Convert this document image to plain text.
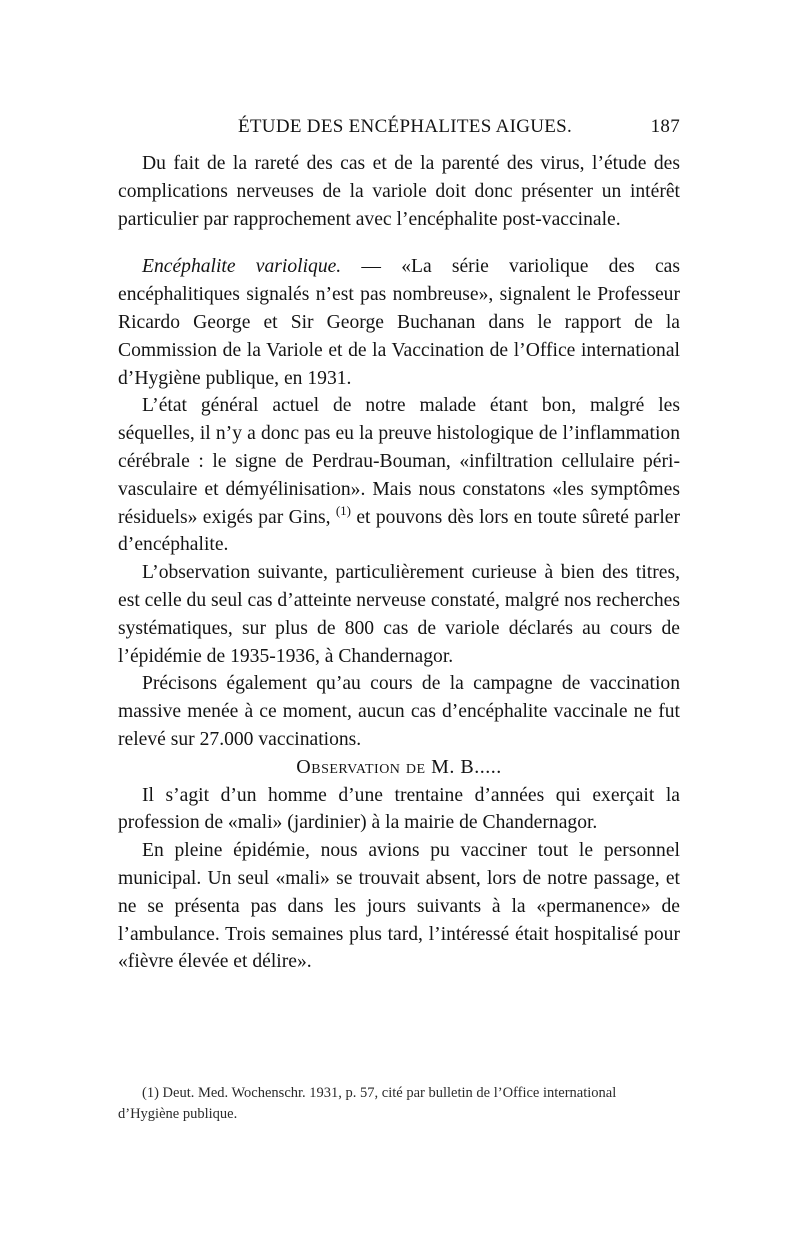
ÉTUDE DES ENCÉPHALITES AIGUES.	187

Du fait de la rareté des cas et de la parenté des virus, l’étude des complications nerveuses de la variole doit donc présenter un intérêt particulier par rapprochement avec l’encéphalite post-vaccinale.

Encéphalite variolique. — «La série variolique des cas encéphalitiques signalés n’est pas nombreuse», signalent le Professeur Ricardo George et Sir George Buchanan dans le rapport de la Commission de la Variole et de la Vaccination de l’Office international d’Hygiène publique, en 1931.

L’état général actuel de notre malade étant bon, malgré les séquelles, il n’y a donc pas eu la preuve histologique de l’inflammation cérébrale : le signe de Perdrau-Bouman, «infiltration cellulaire péri-vasculaire et démyélinisation». Mais nous constatons «les symptômes résiduels» exigés par Gins, $^{(1)}$ et pouvons dès lors en toute sûreté parler d’encéphalite.

L’observation suivante, particulièrement curieuse à bien des titres, est celle du seul cas d’atteinte nerveuse constaté, malgré nos recherches systématiques, sur plus de 800 cas de variole déclarés au cours de l’épidémie de 1935-1936, à Chandernagor.

Précisons également qu’au cours de la campagne de vaccination massive menée à ce moment, aucun cas d’encéphalite vaccinale ne fut relevé sur 27.000 vaccinations.

Observation de M. B.....

Il s’agit d’un homme d’une trentaine d’années qui exerçait la profession de «mali» (jardinier) à la mairie de Chandernagor.

En pleine épidémie, nous avions pu vacciner tout le personnel municipal. Un seul «mali» se trouvait absent, lors de notre passage, et ne se présenta pas dans les jours suivants à la «permanence» de l’ambulance. Trois semaines plus tard, l’intéressé était hospitalisé pour «fièvre élevée et délire».

(1) Deut. Med. Wochenschr. 1931, p. 57, cité par bulletin de l’Office international d’Hygiène publique.
